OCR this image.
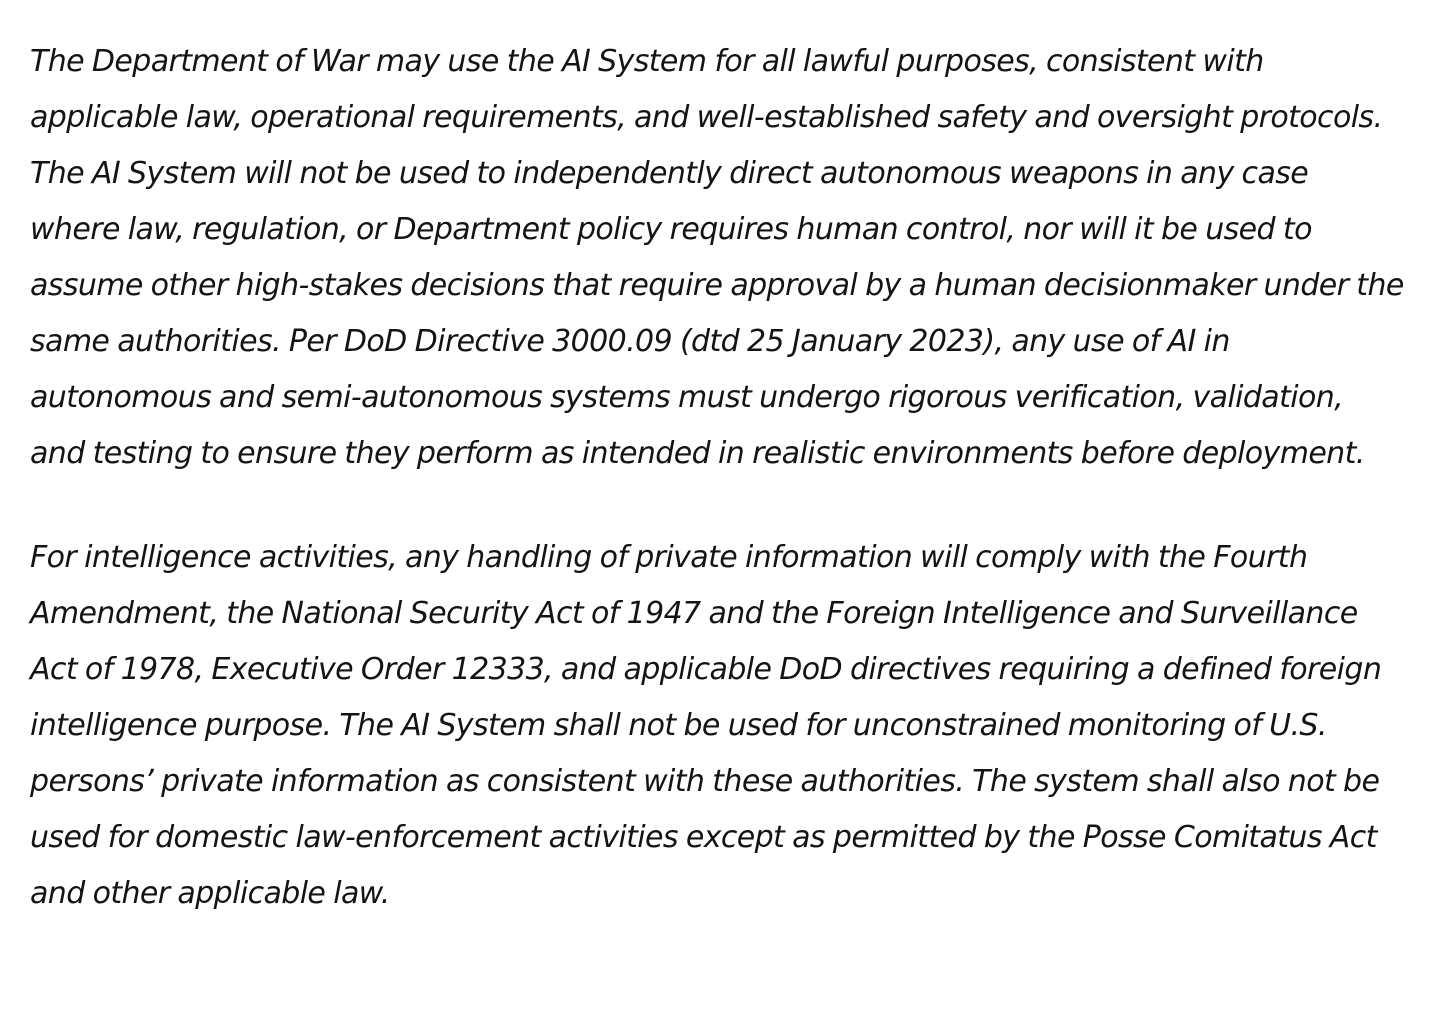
The Department of War may use the AI System for all lawful purposes, consistent with applicable law, operational requirements, and well-established safety and oversight protocols. The AI System will not be used to independently direct autonomous weapons in any case where law, regulation, or Department policy requires human control, nor will it be used to assume other high-stakes decisions that require approval by a human decisionmaker under the same authorities. Per DoD Directive 3000.09 (dtd 25 January 2023), any use of AI in autonomous and semi-autonomous systems must undergo rigorous verification, validation, and testing to ensure they perform as intended in realistic environments before deployment.

For intelligence activities, any handling of private information will comply with the Fourth Amendment, the National Security Act of 1947 and the Foreign Intelligence and Surveillance Act of 1978, Executive Order 12333, and applicable DoD directives requiring a defined foreign intelligence purpose. The AI System shall not be used for unconstrained monitoring of U.S. persons’ private information as consistent with these authorities. The system shall also not be used for domestic law-enforcement activities except as permitted by the Posse Comitatus Act and other applicable law.
